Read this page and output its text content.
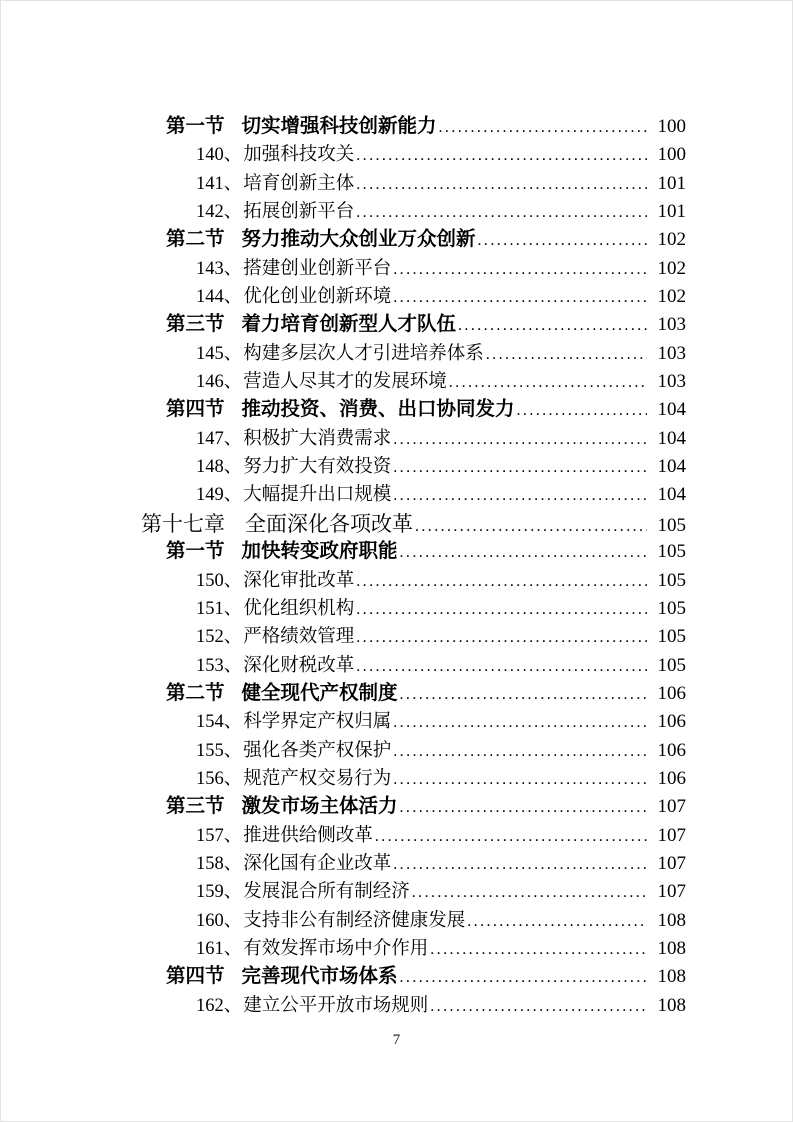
第一节 切实增强科技创新能力 .....	100
140、 加强科技攻关 .....	100
141、 培育创新主体 .....	101
142、 拓展创新平台 .....	101
第二节 努力推动大众创业万众创新 .....	102
143、 搭建创业创新平台 .....	102
144、 优化创业创新环境 .....	102
第三节 着力培育创新型人才队伍 .....	103
145、 构建多层次人才引进培养体系 .....	103
146、 营造人尽其才的发展环境 .....	103
第四节 推动投资、消费、出口协同发力 .....	104
147、 积极扩大消费需求 .....	104
148、 努力扩大有效投资 .....	104
149、 大幅提升出口规模 .....	104
第十七章 全面深化各项改革 .....	105
第一节 加快转变政府职能 .....	105
150、 深化审批改革 .....	105
151、 优化组织机构 .....	105
152、 严格绩效管理 .....	105
153、 深化财税改革 .....	105
第二节 健全现代产权制度 .....	106
154、 科学界定产权归属 .....	106
155、 强化各类产权保护 .....	106
156、 规范产权交易行为 .....	106
第三节 激发市场主体活力 .....	107
157、 推进供给侧改革 .....	107
158、 深化国有企业改革 .....	107
159、 发展混合所有制经济 .....	107
160、 支持非公有制经济健康发展 .....	108
161、 有效发挥市场中介作用 .....	108
第四节 完善现代市场体系 .....	108
162、 建立公平开放市场规则 .....	108
7
